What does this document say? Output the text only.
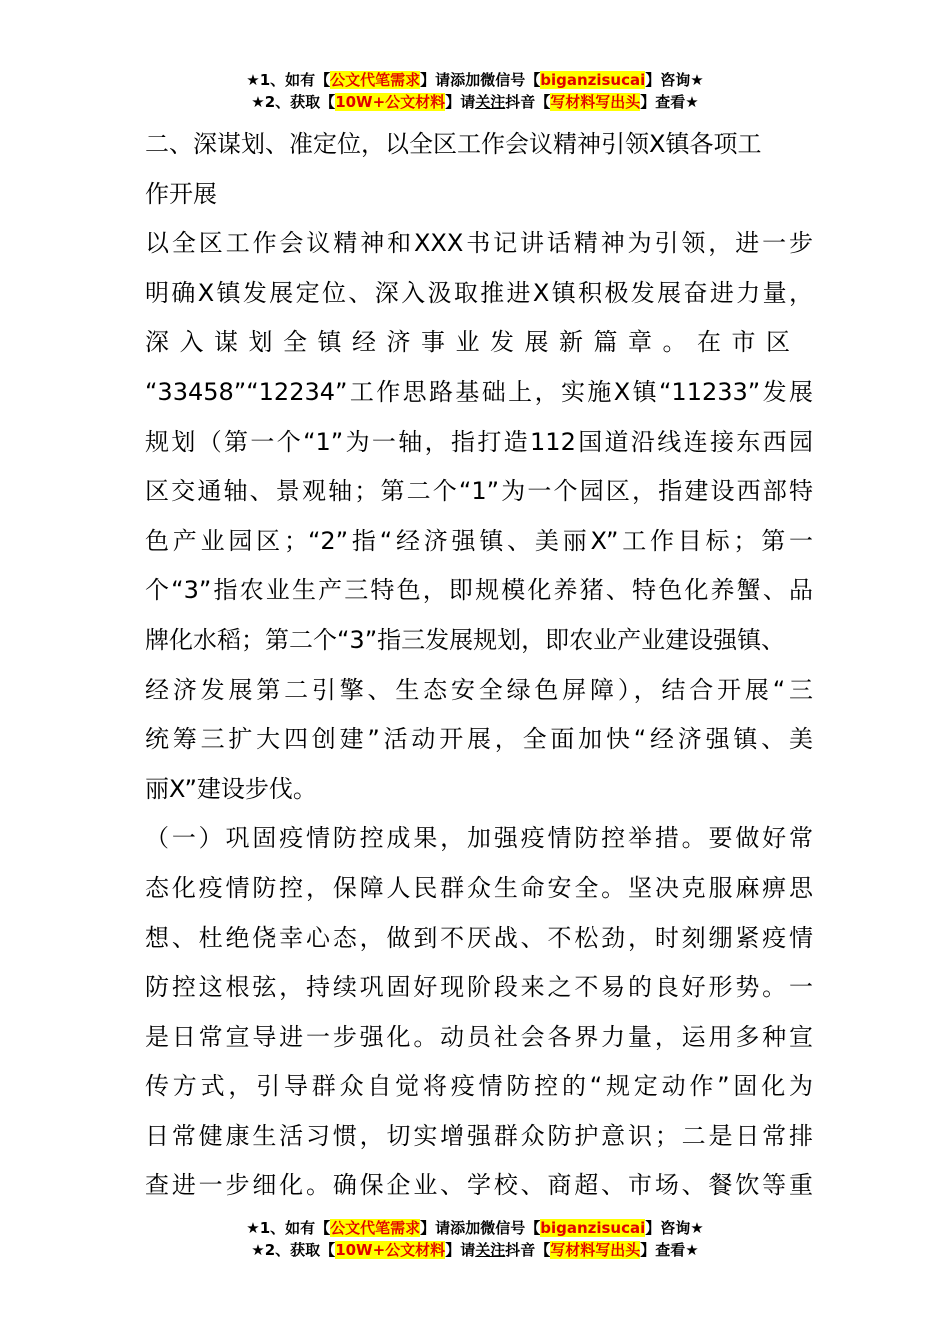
★1、如有【公文代笔需求】请添加微信号【biganzisucai】咨询★
★2、获取【10W+公文材料】请关注抖音【写材料写出头】查看★

二、深谋划、准定位，以全区工作会议精神引领X镇各项工
作开展

以全区工作会议精神和XXX书记讲话精神为引领，进一步
明确X镇发展定位、深入汲取推进X镇积极发展奋进力量，
深入谋划全镇经济事业发展新篇章。在市区
“33458”“12234”工作思路基础上，实施X镇“11233”发展
规划（第一个“1”为一轴，指打造112国道沿线连接东西园
区交通轴、景观轴；第二个“1”为一个园区，指建设西部特
色产业园区；“2”指“经济强镇、美丽X”工作目标；第一
个“3”指农业生产三特色，即规模化养猪、特色化养蟹、品
牌化水稻；第二个“3”指三发展规划，即农业产业建设强镇、
经济发展第二引擎、生态安全绿色屏障），结合开展“三
统筹三扩大四创建”活动开展，全面加快“经济强镇、美
丽X”建设步伐。

（一）巩固疫情防控成果，加强疫情防控举措。要做好常
态化疫情防控，保障人民群众生命安全。坚决克服麻痹思
想、杜绝侥幸心态，做到不厌战、不松劲，时刻绷紧疫情
防控这根弦，持续巩固好现阶段来之不易的良好形势。一
是日常宣导进一步强化。动员社会各界力量，运用多种宣
传方式，引导群众自觉将疫情防控的“规定动作”固化为
日常健康生活习惯，切实增强群众防护意识；二是日常排
查进一步细化。确保企业、学校、商超、市场、餐饮等重

★1、如有【公文代笔需求】请添加微信号【biganzisucai】咨询★
★2、获取【10W+公文材料】请关注抖音【写材料写出头】查看★
